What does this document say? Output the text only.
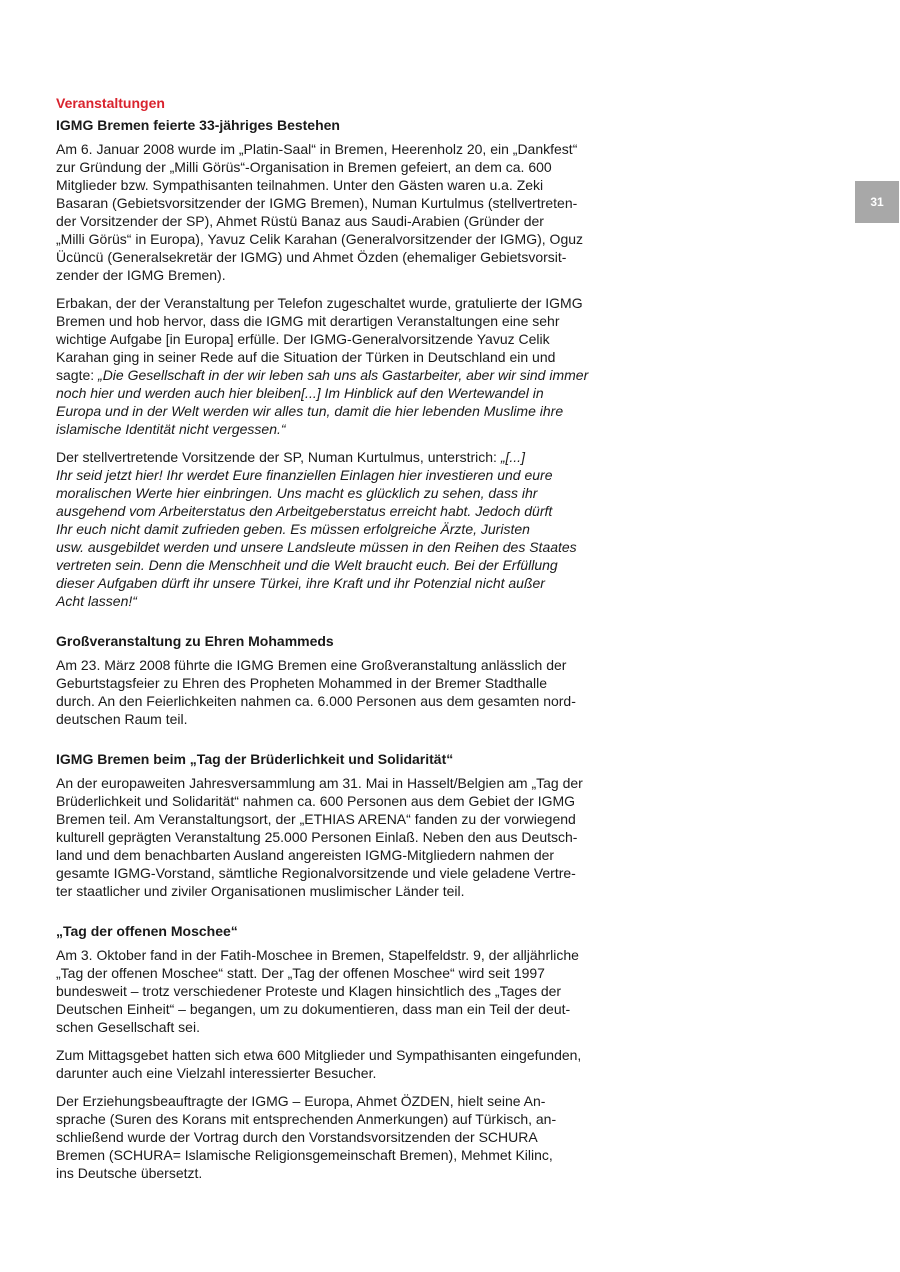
Veranstaltungen
IGMG Bremen feierte 33-jähriges Bestehen
Am 6. Januar 2008 wurde im „Platin-Saal“ in Bremen, Heerenholz 20, ein „Dankfest“
zur Gründung der „Milli Görüs“-Organisation in Bremen gefeiert, an dem ca. 600
Mitglieder bzw. Sympathisanten teilnahmen. Unter den Gästen waren u.a. Zeki
Basaran (Gebietsvorsitzender der IGMG Bremen), Numan Kurtulmus (stellvertreten-
der Vorsitzender der SP), Ahmet Rüstü Banaz aus Saudi-Arabien (Gründer der
„Milli Görüs“ in Europa), Yavuz Celik Karahan (Generalvorsitzender der IGMG), Oguz
Ücüncü (Generalsekretär der IGMG) und Ahmet Özden (ehemaliger Gebietsvorsit-
zender der IGMG Bremen).
Erbakan, der der Veranstaltung per Telefon zugeschaltet wurde, gratulierte der IGMG
Bremen und hob hervor, dass die IGMG mit derartigen Veranstaltungen eine sehr
wichtige Aufgabe [in Europa] erfülle. Der IGMG-Generalvorsitzende Yavuz Celik
Karahan ging in seiner Rede auf die Situation der Türken in Deutschland ein und
sagte: „Die Gesellschaft in der wir leben sah uns als Gastarbeiter, aber wir sind immer
noch hier und werden auch hier bleiben[...] Im Hinblick auf den Wertewandel in
Europa und in der Welt werden wir alles tun, damit die hier lebenden Muslime ihre
islamische Identität nicht vergessen.“
Der stellvertretende Vorsitzende der SP, Numan Kurtulmus, unterstrich: „[...]
Ihr seid jetzt hier! Ihr werdet Eure finanziellen Einlagen hier investieren und eure
moralischen Werte hier einbringen. Uns macht es glücklich zu sehen, dass ihr
ausgehend vom Arbeiterstatus den Arbeitgeberstatus erreicht habt. Jedoch dürft
Ihr euch nicht damit zufrieden geben. Es müssen erfolgreiche Ärzte, Juristen
usw. ausgebildet werden und unsere Landsleute müssen in den Reihen des Staates
vertreten sein. Denn die Menschheit und die Welt braucht euch. Bei der Erfüllung
dieser Aufgaben dürft ihr unsere Türkei, ihre Kraft und ihr Potenzial nicht außer
Acht lassen!“
Großveranstaltung zu Ehren Mohammeds
Am 23. März 2008 führte die IGMG Bremen eine Großveranstaltung anlässlich der
Geburtstagsfeier zu Ehren des Propheten Mohammed in der Bremer Stadthalle
durch. An den Feierlichkeiten nahmen ca. 6.000 Personen aus dem gesamten nord-
deutschen Raum teil.
IGMG Bremen beim „Tag der Brüderlichkeit und Solidarität“
An der europaweiten Jahresversammlung am 31. Mai in Hasselt/Belgien am „Tag der
Brüderlichkeit und Solidarität“ nahmen ca. 600 Personen aus dem Gebiet der IGMG
Bremen teil. Am Veranstaltungsort, der „ETHIAS ARENA“ fanden zu der vorwiegend
kulturell geprägten Veranstaltung 25.000 Personen Einlaß. Neben den aus Deutsch-
land und dem benachbarten Ausland angereisten IGMG-Mitgliedern nahmen der
gesamte IGMG-Vorstand, sämtliche Regionalvorsitzende und viele geladene Vertre-
ter staatlicher und ziviler Organisationen muslimischer Länder teil.
„Tag der offenen Moschee“
Am 3. Oktober fand in der Fatih-Moschee in Bremen, Stapelfeldstr. 9, der alljährliche
„Tag der offenen Moschee“ statt. Der „Tag der offenen Moschee“ wird seit 1997
bundesweit – trotz verschiedener Proteste und Klagen hinsichtlich des „Tages der
Deutschen Einheit“ – begangen, um zu dokumentieren, dass man ein Teil der deut-
schen Gesellschaft sei.
Zum Mittagsgebet hatten sich etwa 600 Mitglieder und Sympathisanten eingefunden,
darunter auch eine Vielzahl interessierter Besucher.
Der Erziehungsbeauftragte der IGMG – Europa, Ahmet ÖZDEN, hielt seine An-
sprache (Suren des Korans mit entsprechenden Anmerkungen) auf Türkisch, an-
schließend wurde der Vortrag durch den Vorstandsvorsitzenden der SCHURA
Bremen (SCHURA= Islamische Religionsgemeinschaft Bremen), Mehmet Kilinc,
ins Deutsche übersetzt.
31
